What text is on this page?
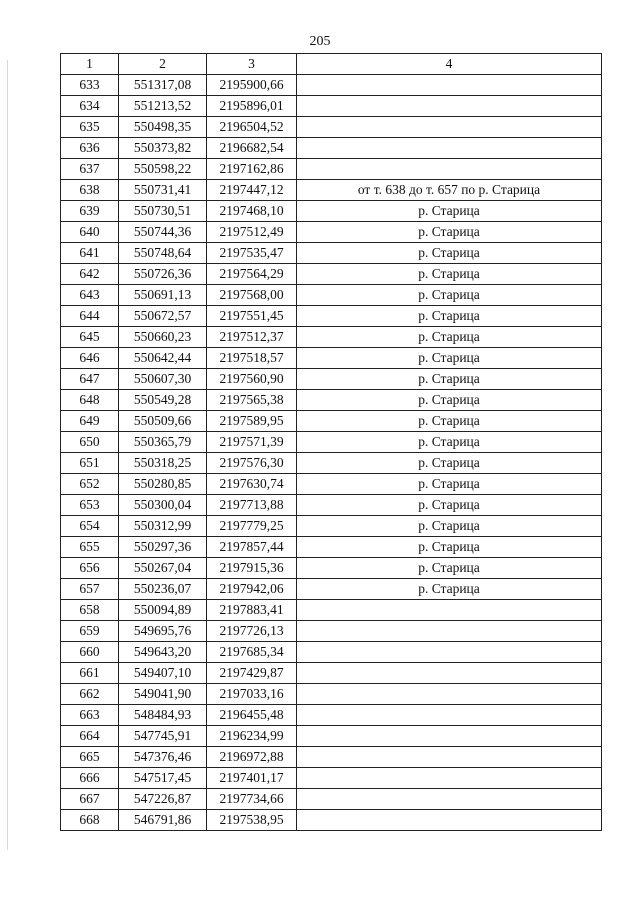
205
1	2	3	4
633	551317,08	2195900,66	
634	551213,52	2195896,01	
635	550498,35	2196504,52	
636	550373,82	2196682,54	
637	550598,22	2197162,86	
638	550731,41	2197447,12	от т. 638 до т. 657 по р. Старица
639	550730,51	2197468,10	р. Старица
640	550744,36	2197512,49	р. Старица
641	550748,64	2197535,47	р. Старица
642	550726,36	2197564,29	р. Старица
643	550691,13	2197568,00	р. Старица
644	550672,57	2197551,45	р. Старица
645	550660,23	2197512,37	р. Старица
646	550642,44	2197518,57	р. Старица
647	550607,30	2197560,90	р. Старица
648	550549,28	2197565,38	р. Старица
649	550509,66	2197589,95	р. Старица
650	550365,79	2197571,39	р. Старица
651	550318,25	2197576,30	р. Старица
652	550280,85	2197630,74	р. Старица
653	550300,04	2197713,88	р. Старица
654	550312,99	2197779,25	р. Старица
655	550297,36	2197857,44	р. Старица
656	550267,04	2197915,36	р. Старица
657	550236,07	2197942,06	р. Старица
658	550094,89	2197883,41	
659	549695,76	2197726,13	
660	549643,20	2197685,34	
661	549407,10	2197429,87	
662	549041,90	2197033,16	
663	548484,93	2196455,48	
664	547745,91	2196234,99	
665	547376,46	2196972,88	
666	547517,45	2197401,17	
667	547226,87	2197734,66	
668	546791,86	2197538,95	
